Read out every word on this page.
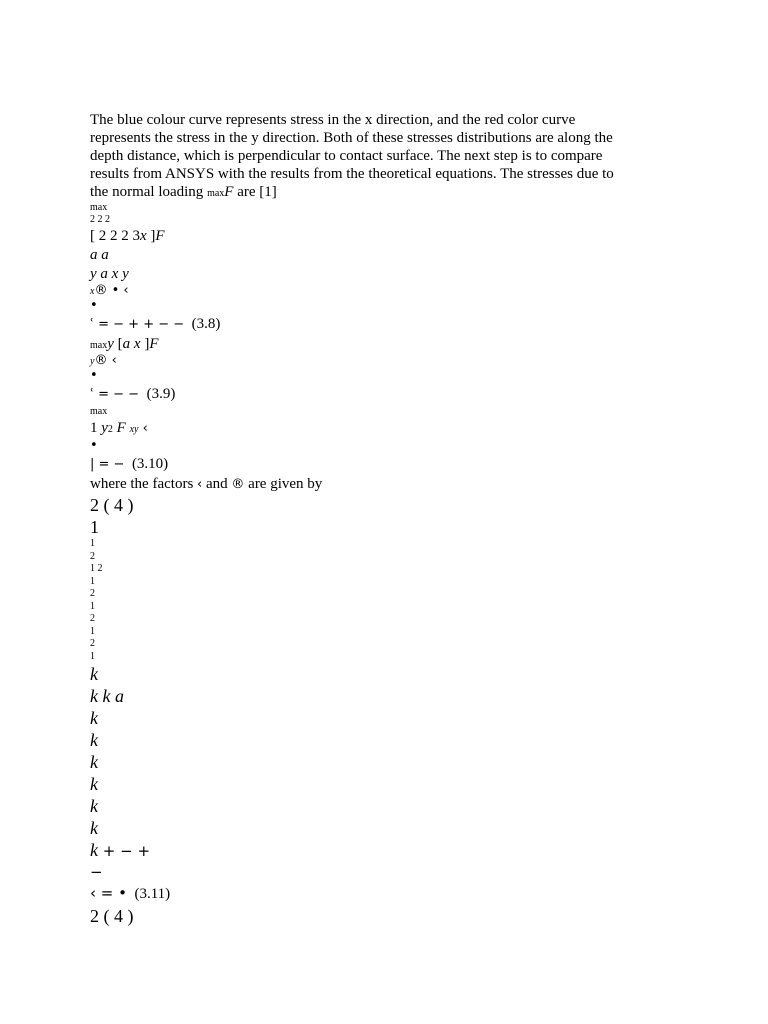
The blue colour curve represents stress in the x direction, and the red color curve
represents the stress in the y direction. Both of these stresses distributions are along the
depth distance, which is perpendicular to contact surface. The next step is to compare
results from ANSYS with the results from the theoretical equations. The stresses due to
the normal loading maxF are [1]
max
2 2 2
[ 2 2 2 3x ]F
a a
y a x y
x® • ‹
•
ʿ = − + + − − (3.8)
maxy [a x ]F
y® ‹
•
ʿ = − − (3.9)
max
1 y2 F xy ‹
•
| = − (3.10)
where the factors ‹ and ® are given by
2 ( 4 )
1
1
2
1 2
1
2
1
2
1
2
1
k
k k a
k
k
k
k
k
k
k + − +
−
‹ = • (3.11)
2 ( 4 )
